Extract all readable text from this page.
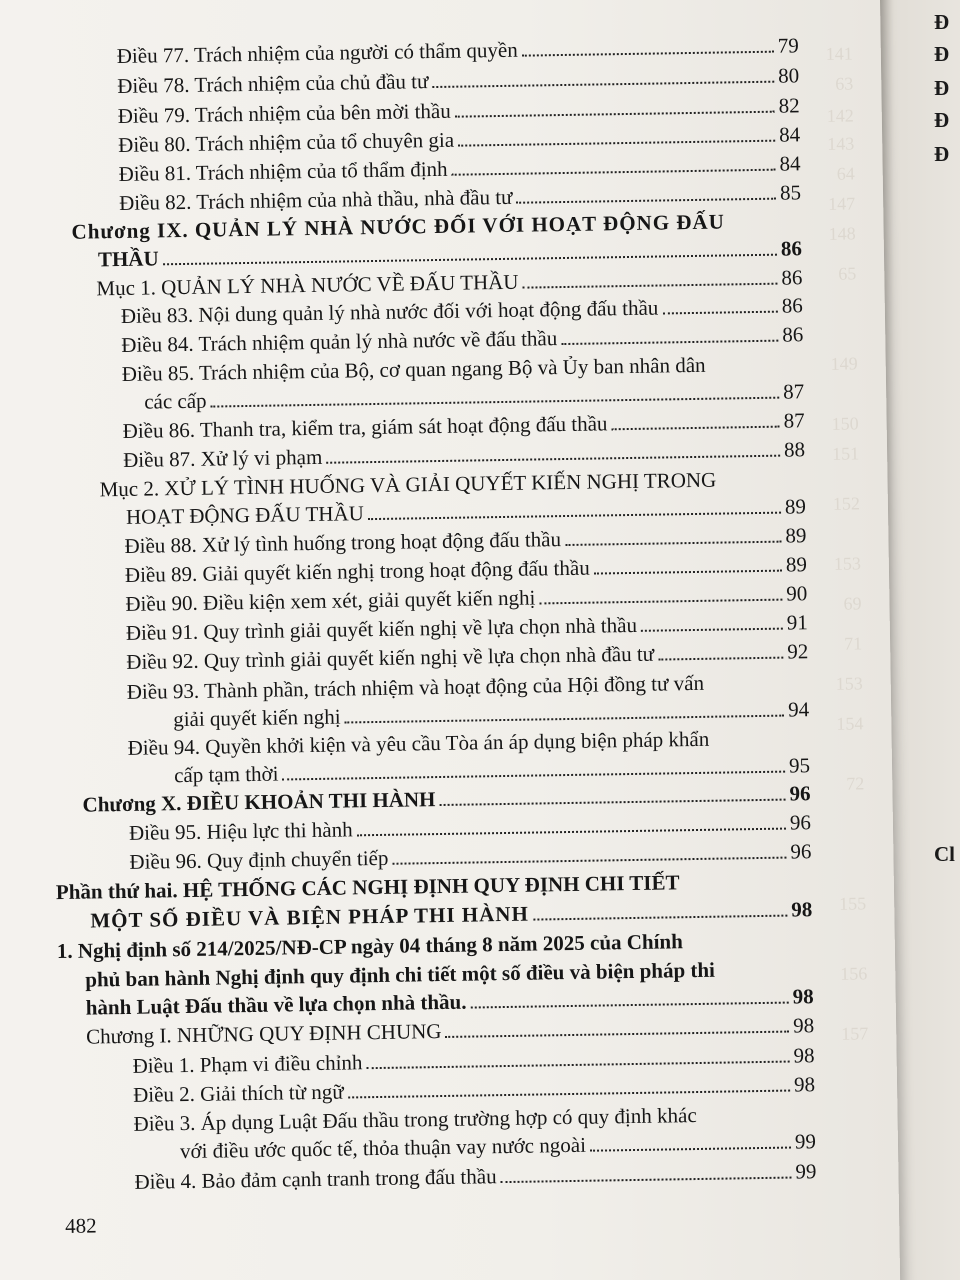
Đ
Đ
Đ
Đ
Đ
Cl
141
63
142
143
64
147
148
65
149
150
151
152
153
69
71
153
154
72
155
156
157
Điều 77. Trách nhiệm của người có thẩm quyền	79
Điều 78. Trách nhiệm của chủ đầu tư	80
Điều 79. Trách nhiệm của bên mời thầu	82
Điều 80. Trách nhiệm của tổ chuyên gia	84
Điều 81. Trách nhiệm của tổ thẩm định	84
Điều 82. Trách nhiệm của nhà thầu, nhà đầu tư	85
Chương IX. QUẢN LÝ NHÀ NƯỚC ĐỐI VỚI HOẠT ĐỘNG ĐẤU
THẦU	86
Mục 1. QUẢN LÝ NHÀ NƯỚC VỀ ĐẤU THẦU	86
Điều 83. Nội dung quản lý nhà nước đối với hoạt động đấu thầu	86
Điều 84. Trách nhiệm quản lý nhà nước về đấu thầu	86
Điều 85. Trách nhiệm của Bộ, cơ quan ngang Bộ và Ủy ban nhân dân
các cấp	87
Điều 86. Thanh tra, kiểm tra, giám sát hoạt động đấu thầu	87
Điều 87. Xử lý vi phạm	88
Mục 2. XỬ LÝ TÌNH HUỐNG VÀ GIẢI QUYẾT KIẾN NGHỊ TRONG
HOẠT ĐỘNG ĐẤU THẦU	89
Điều 88. Xử lý tình huống trong hoạt động đấu thầu	89
Điều 89. Giải quyết kiến nghị trong hoạt động đấu thầu	89
Điều 90. Điều kiện xem xét, giải quyết kiến nghị	90
Điều 91. Quy trình giải quyết kiến nghị về lựa chọn nhà thầu	91
Điều 92. Quy trình giải quyết kiến nghị về lựa chọn nhà đầu tư	92
Điều 93. Thành phần, trách nhiệm và hoạt động của Hội đồng tư vấn
giải quyết kiến nghị	94
Điều 94. Quyền khởi kiện và yêu cầu Tòa án áp dụng biện pháp khẩn
cấp tạm thời	95
Chương X. ĐIỀU KHOẢN THI HÀNH	96
Điều 95. Hiệu lực thi hành	96
Điều 96. Quy định chuyển tiếp	96
Phần thứ hai. HỆ THỐNG CÁC NGHỊ ĐỊNH QUY ĐỊNH CHI TIẾT
MỘT SỐ ĐIỀU VÀ BIỆN PHÁP THI HÀNH	98
1. Nghị định số 214/2025/NĐ-CP ngày 04 tháng 8 năm 2025 của Chính
phủ ban hành Nghị định quy định chi tiết một số điều và biện pháp thi
hành Luật Đấu thầu về lựa chọn nhà thầu.	98
Chương I. NHỮNG QUY ĐỊNH CHUNG	98
Điều 1. Phạm vi điều chỉnh	98
Điều 2. Giải thích từ ngữ	98
Điều 3. Áp dụng Luật Đấu thầu trong trường hợp có quy định khác
với điều ước quốc tế, thỏa thuận vay nước ngoài	99
Điều 4. Bảo đảm cạnh tranh trong đấu thầu	99
482
